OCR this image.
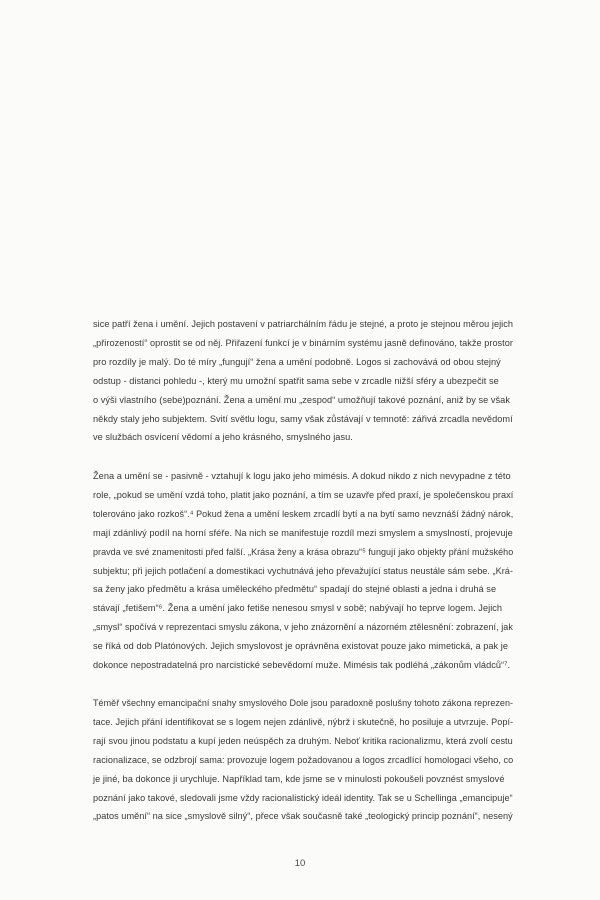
sice patří žena i umění. Jejich postavení v patriarchálním řádu je stejné, a proto je stejnou měrou jejich
„přirozeností“ oprostit se od něj. Přiřazení funkcí je v binárním systému jasně definováno, takže prostor
pro rozdíly je malý. Do té míry „fungují“ žena a umění podobně. Logos si zachovává od obou stejný
odstup - distanci pohledu -, který mu umožní spatřit sama sebe v zrcadle nižší sféry a ubezpečit se
o výši vlastního (sebe)poznání. Žena a umění mu „zespod“ umožňují takové poznání, aniž by se však
někdy staly jeho subjektem. Svití světlu logu, samy však zůstávají v temnotě: zářivá zrcadla nevědomí
ve službách osvícení vědomí a jeho krásného, smyslného jasu.
Žena a umění se - pasivně - vztahují k logu jako jeho mimésis. A dokud nikdo z nich nevypadne z této
role, „pokud se umění vzdá toho, platit jako poznání, a tím se uzavře před praxí, je společenskou praxí
tolerováno jako rozkoš“.⁴ Pokud žena a umění leskem zrcadlí bytí a na bytí samo nevznáší žádný nárok,
mají zdánlivý podíl na horní sféře. Na nich se manifestuje rozdíl mezi smyslem a smyslností, projevuje
pravda ve své znamenitosti před falší. „Krása ženy a krása obrazu“⁵ fungují jako objekty přání mužského
subjektu; při jejich potlačení a domestikaci vychutnává jeho převažující status neustále sám sebe. „Krá-
sa ženy jako předmětu a krása uměleckého předmětu“ spadají do stejné oblasti a jedna i druhá se
stávají „fetišem“⁶. Žena a umění jako fetiše nenesou smysl v sobě; nabývají ho teprve logem. Jejich
„smysl“ spočívá v reprezentaci smyslu zákona, v jeho znázornění a názorném ztělesnění: zobrazení, jak
se říká od dob Platónových. Jejich smyslovost je oprávněna existovat pouze jako mimetická, a pak je
dokonce nepostradatelná pro narcistické sebevědomí muže. Mimésis tak podléhá „zákonům vládců“⁷.
Téměř všechny emancipační snahy smyslového Dole jsou paradoxně poslušny tohoto zákona reprezen-
tace. Jejich přání identifikovat se s logem nejen zdánlivě, nýbrž i skutečně, ho posiluje a utvrzuje. Popí-
rají svou jinou podstatu a kupí jeden neúspěch za druhým. Neboť kritika racionalizmu, která zvolí cestu
racionalizace, se odzbrojí sama: provozuje logem požadovanou a logos zrcadlící homologaci všeho, co
je jiné, ba dokonce ji urychluje. Například tam, kde jsme se v minulosti pokoušeli povznést smyslové
poznání jako takové, sledovali jsme vždy racionalistický ideál identity. Tak se u Schellinga „emancipuje“
„patos umění“ na sice „smyslově silný“, přece však současně také „teologický princip poznání“, nesený
10
